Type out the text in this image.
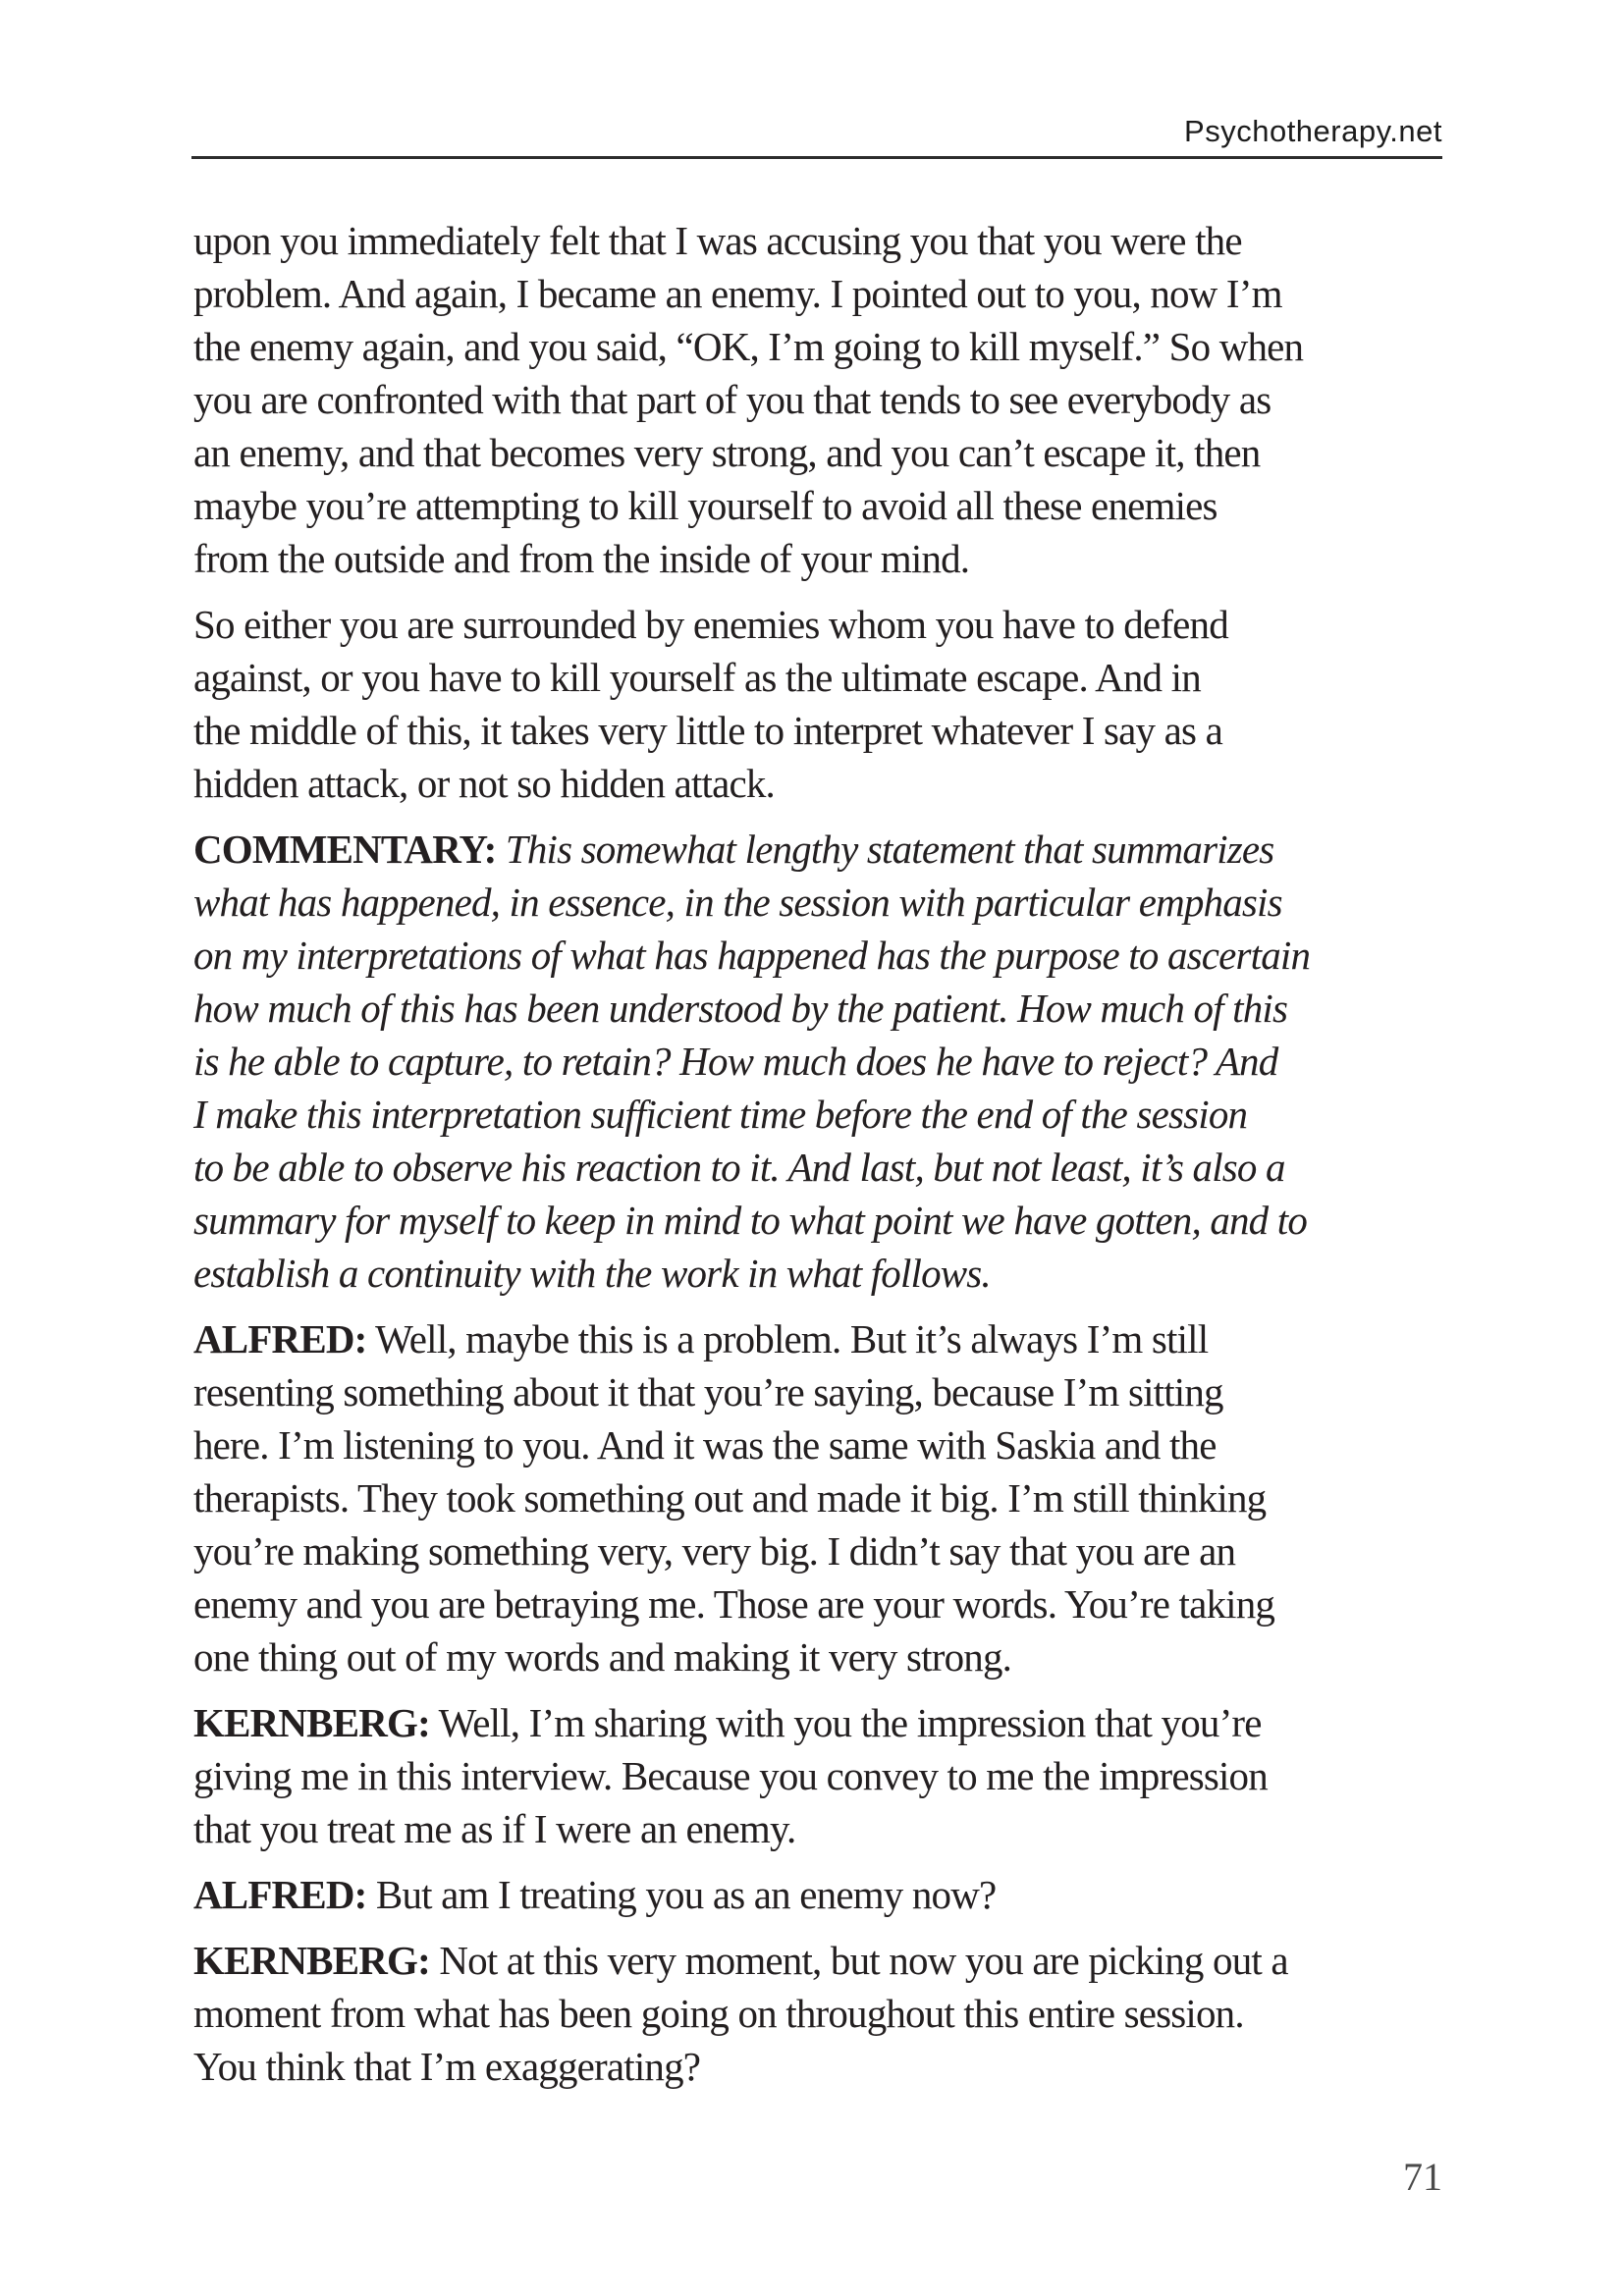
Psychotherapy.net

upon you immediately felt that I was accusing you that you were the
problem. And again, I became an enemy. I pointed out to you, now I’m
the enemy again, and you said, “OK, I’m going to kill myself.” So when
you are confronted with that part of you that tends to see everybody as
an enemy, and that becomes very strong, and you can’t escape it, then
maybe you’re attempting to kill yourself to avoid all these enemies
from the outside and from the inside of your mind.

So either you are surrounded by enemies whom you have to defend
against, or you have to kill yourself as the ultimate escape. And in
the middle of this, it takes very little to interpret whatever I say as a
hidden attack, or not so hidden attack.

COMMENTARY: This somewhat lengthy statement that summarizes
what has happened, in essence, in the session with particular emphasis
on my interpretations of what has happened has the purpose to ascertain
how much of this has been understood by the patient. How much of this
is he able to capture, to retain? How much does he have to reject? And
I make this interpretation sufficient time before the end of the session
to be able to observe his reaction to it. And last, but not least, it’s also a
summary for myself to keep in mind to what point we have gotten, and to
establish a continuity with the work in what follows.

ALFRED: Well, maybe this is a problem. But it’s always I’m still
resenting something about it that you’re saying, because I’m sitting
here. I’m listening to you. And it was the same with Saskia and the
therapists. They took something out and made it big. I’m still thinking
you’re making something very, very big. I didn’t say that you are an
enemy and you are betraying me. Those are your words. You’re taking
one thing out of my words and making it very strong.

KERNBERG: Well, I’m sharing with you the impression that you’re
giving me in this interview. Because you convey to me the impression
that you treat me as if I were an enemy.

ALFRED: But am I treating you as an enemy now?

KERNBERG: Not at this very moment, but now you are picking out a
moment from what has been going on throughout this entire session.
You think that I’m exaggerating?

71
